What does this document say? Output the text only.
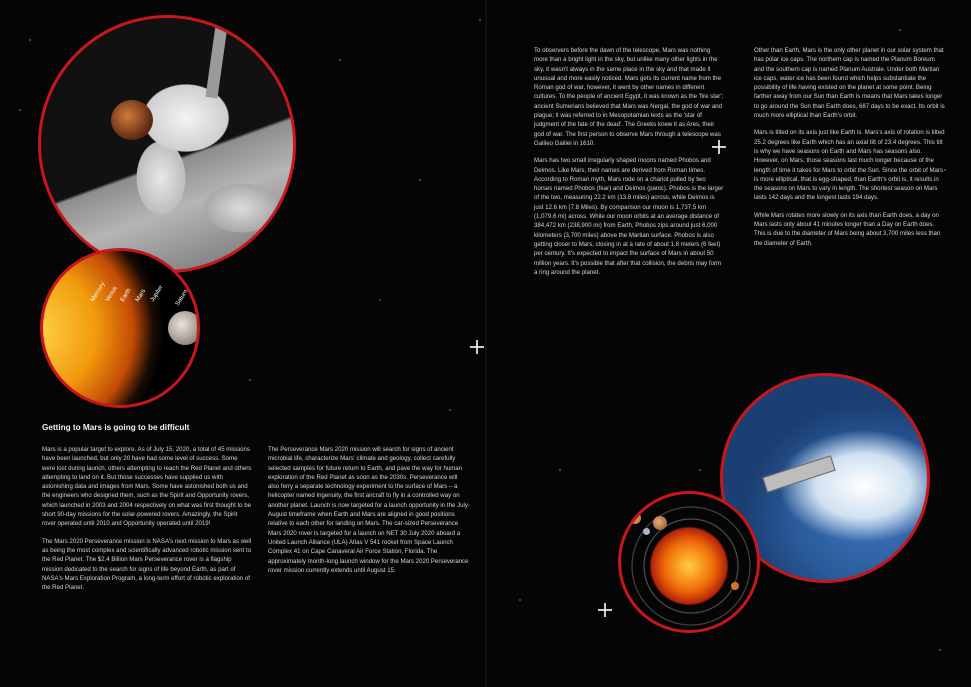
Mercury
Venus Earth Mars Jupiter Saturn
Getting to Mars is going to be difficult

Mars is a popular target to explore. As of July 15, 2020, a total of 45 missions have been launched, but only 20 have had some level of success. Some were lost during launch, others attempting to reach the Red Planet and others attempting to land on it. But those successes have supplied us with astonishing data and images from Mars. Some have astonished both us and the engineers who designed them, such as the Spirit and Opportunity rovers, which launched in 2003 and 2004 respectively on what was first thought to be short 90-day missions for the solar-powered rovers. Amazingly, the Spirit rover operated until 2010 and Opportunity operated until 2019!

The Mars 2020 Perseverance mission is NASA's next mission to Mars as well as being the most complex and scientifically advanced robotic mission sent to the Red Planet. The $2.4 Billion Mars Perseverance rover is a flagship mission dedicated to the search for signs of life beyond Earth, as part of NASA's Mars Exploration Program, a long-term effort of robotic exploration of the Red Planet.

The Perseverance Mars 2020 mission will search for signs of ancient microbial life, characterize Mars' climate and geology, collect carefully selected samples for future return to Earth, and pave the way for human exploration of the Red Planet as soon as the 2030s. Perseverance will also ferry a separate technology experiment to the surface of Mars – a helicopter named Ingenuity, the first aircraft to fly in a controlled way on another planet. Launch is now targeted for a launch opportunity in the July-August timeframe when Earth and Mars are aligned in good positions relative to each other for landing on Mars. The car-sized Perseverance Mars 2020 rover is targeted for a launch on NET 30 July 2020 aboard a United Launch Alliance (ULA) Atlas V 541 rocket from Space Launch Complex 41 on Cape Canaveral Air Force Station, Florida. The approximately month-long launch window for the Mars 2020 Perseverance rover mission currently extends until August 15.

To observers before the dawn of the telescope, Mars was nothing more than a bright light in the sky, but unlike many other lights in the sky, it wasn't always in the same place in the sky and that made it unusual and more easily noticed. Mars gets its current name from the Roman god of war, however, it went by other names in different cultures. To the people of ancient Egypt, it was known as the 'fire star'; ancient Sumerians believed that Mars was Nergal, the god of war and plague; it was referred to in Mesopotamian texts as the 'star of judgment of the fate of the dead'. The Greeks knew it as Ares, their god of war. The first person to observe Mars through a telescope was Galileo Galilei in 1610.

Mars has two small irregularly shaped moons named Phobos and Deimos. Like Mars, their names are derived from Roman times. According to Roman myth, Mars rode on a chariot pulled by two horses named Phobos (fear) and Deimos (panic). Phobos is the larger of the two, measuring 22.2 km (13.8 miles) across, while Deimos is just 12.6 km (7.8 Miles). By comparison our moon is 1,737.5 km (1,079.6 mi) across. While our moon orbits at an average distance of 384,472 km (238,900 mi) from Earth, Phobos zips around just 6,000 kilometers (3,700 miles) above the Martian surface. Phobos is also getting closer to Mars, closing in at a rate of about 1.8 meters (6 feet) per century. It's expected to impact the surface of Mars in about 50 million years. It's possible that after that collision, the debris may form a ring around the planet.

Other than Earth, Mars is the only other planet in our solar system that has polar ice caps. The northern cap is named the Planum Boreum and the southern cap is named Planum Australe. Under both Martian ice caps, water ice has been found which helps substantiate the possibility of life having existed on the planet at some point. Being farther away from our Sun than Earth is means that Mars takes longer to go around the Sun than Earth does, 687 days to be exact. Its orbit is much more elliptical than Earth's orbit.

Mars is tilted on its axis just like Earth is. Mars's axis of rotation is tilted 25.2 degrees like Earth which has an axial tilt of 23.4 degrees. This tilt is why we have seasons on Earth and Mars has seasons also. However, on Mars, those seasons last much longer because of the length of time it takes for Mars to orbit the Sun. Since the orbit of Mars is more elliptical, that is egg-shaped, than Earth's orbit is, it results in the seasons on Mars to vary in length. The shortest season on Mars lasts 142 days and the longest lasts 194 days.

While Mars rotates more slowly on its axis than Earth does, a day on Mars lasts only about 41 minutes longer than a Day on Earth does. This is due to the diameter of Mars being about 3,700 miles less than the diameter of Earth.
